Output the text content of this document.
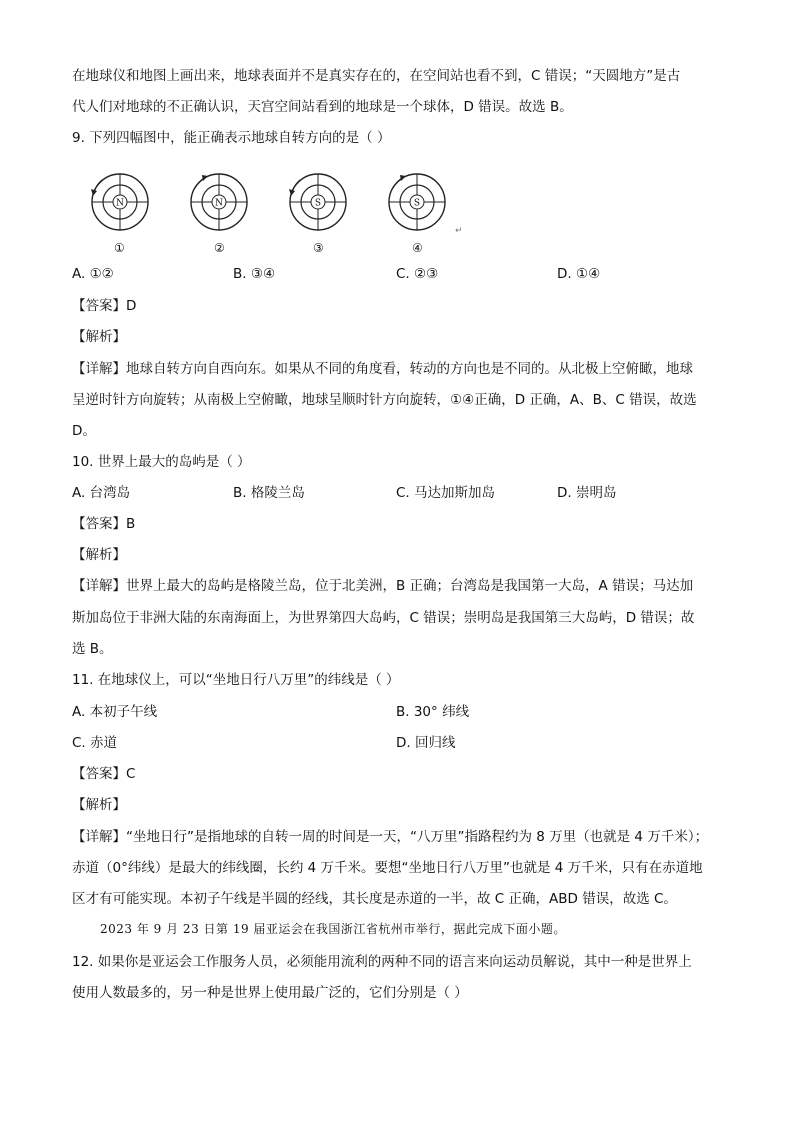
在地球仪和地图上画出来，地球表面并不是真实存在的，在空间站也看不到，C 错误；“天圆地方”是古
代人们对地球的不正确认识，天宫空间站看到的地球是一个球体，D 错误。故选 B。
9. 下列四幅图中，能正确表示地球自转方向的是（ ）
N	N	S	S
↵
①	②	③	④
A. ①②	B. ③④	C. ②③	D. ①④
【答案】D
【解析】
【详解】地球自转方向自西向东。如果从不同的角度看，转动的方向也是不同的。从北极上空俯瞰，地球
呈逆时针方向旋转；从南极上空俯瞰，地球呈顺时针方向旋转，①④正确，D 正确，A、B、C 错误，故选
D。
10. 世界上最大的岛屿是（ ）
A. 台湾岛	B. 格陵兰岛	C. 马达加斯加岛	D. 崇明岛
【答案】B
【解析】
【详解】世界上最大的岛屿是格陵兰岛，位于北美洲，B 正确；台湾岛是我国第一大岛，A 错误；马达加
斯加岛位于非洲大陆的东南海面上，为世界第四大岛屿，C 错误；崇明岛是我国第三大岛屿，D 错误；故
选 B。
11. 在地球仪上，可以“坐地日行八万里”的纬线是（ ）
A. 本初子午线	B. 30° 纬线
C. 赤道	D. 回归线
【答案】C
【解析】
【详解】“坐地日行”是指地球的自转一周的时间是一天，“八万里”指路程约为 8 万里（也就是 4 万千米）；
赤道（0°纬线）是最大的纬线圈，长约 4 万千米。要想“坐地日行八万里”也就是 4 万千米，只有在赤道地
区才有可能实现。本初子午线是半圆的经线，其长度是赤道的一半，故 C 正确，ABD 错误，故选 C。
2023 年 9 月 23 日第 19 届亚运会在我国浙江省杭州市举行，据此完成下面小题。
12. 如果你是亚运会工作服务人员，必须能用流利的两种不同的语言来向运动员解说，其中一种是世界上
使用人数最多的，另一种是世界上使用最广泛的，它们分别是（ ）
